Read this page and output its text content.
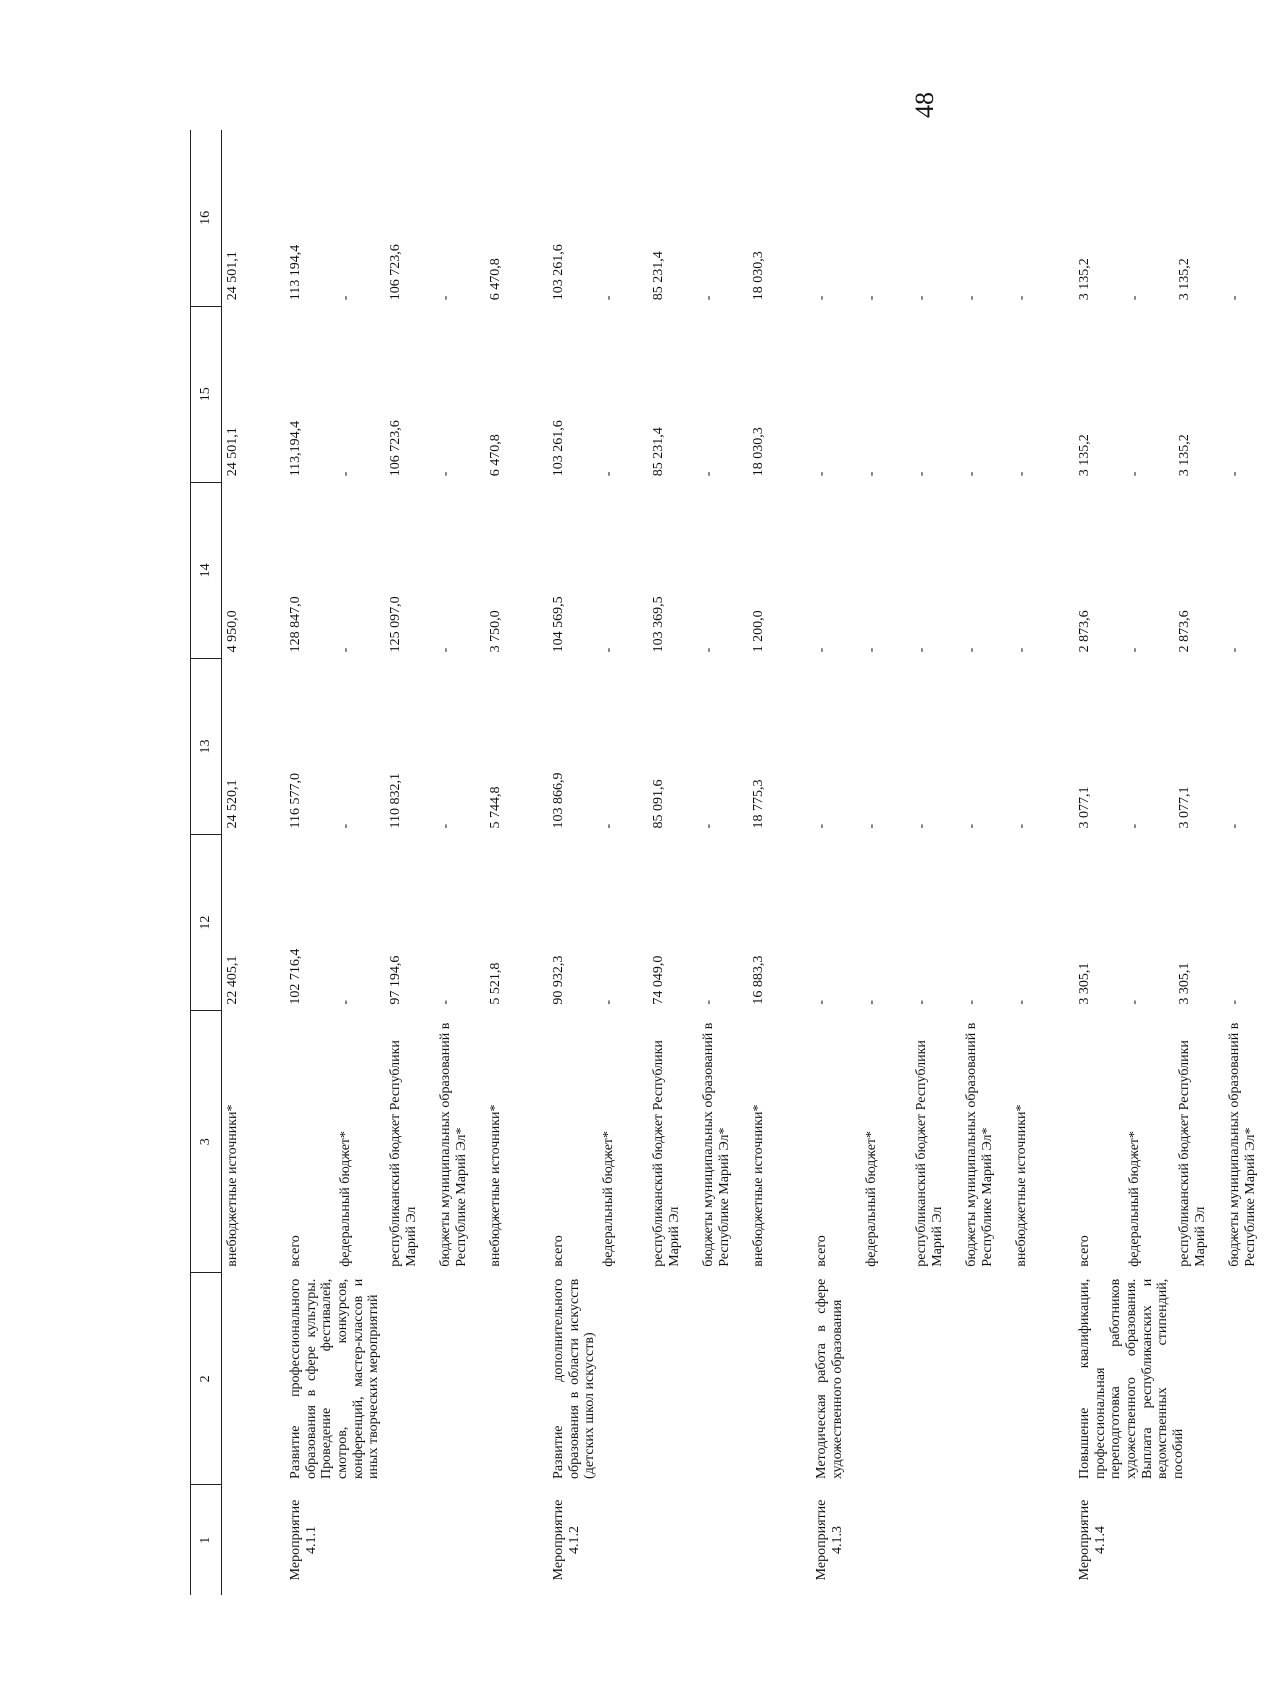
48
1	2	3	12	13	14	15	16
		внебюджетные источники*	22 405,1	24 520,1	4 950,0	24 501,1	24 501,1
Мероприятие 4.1.1	Развитие профессионального образования в сфере культуры. Проведение фестивалей, смотров, конкурсов, конференций, мастер-классов и иных творческих мероприятий	всего	102 716,4	116 577,0	128 847,0	113,194,4	113 194,4
		федеральный бюджет*	-	-	-	-	-
		республиканский бюджет Республики Марий Эл	97 194,6	110 832,1	125 097,0	106 723,6	106 723,6
		бюджеты муниципальных образований в Республике Марий Эл*	-	-	-	-	-
		внебюджетные источники*	5 521,8	5 744,8	3 750,0	6 470,8	6 470,8
Мероприятие 4.1.2	Развитие дополнительного образования в области искусств (детских школ искусств)	всего	90 932,3	103 866,9	104 569,5	103 261,6	103 261,6
		федеральный бюджет*	-	-	-	-	-
		республиканский бюджет Республики Марий Эл	74 049,0	85 091,6	103 369,5	85 231,4	85 231,4
		бюджеты муниципальных образований в Республике Марий Эл*	-	-	-	-	-
		внебюджетные источники*	16 883,3	18 775,3	1 200,0	18 030,3	18 030,3
Мероприятие 4.1.3	Методическая работа в сфере художественного образования	всего	-	-	-	-	-
		федеральный бюджет*	-	-	-	-	-
		республиканский бюджет Республики Марий Эл	-	-	-	-	-
		бюджеты муниципальных образований в Республике Марий Эл*	-	-	-	-	-
		внебюджетные источники*	-	-	-	-	-
Мероприятие 4.1.4	Повышение квалификации, профессиональная переподготовка работников художественного образования. Выплата республиканских и ведомственных стипендий, пособий	всего	3 305,1	3 077,1	2 873,6	3 135,2	3 135,2
		федеральный бюджет*	-	-	-	-	-
		республиканский бюджет Республики Марий Эл	3 305,1	3 077,1	2 873,6	3 135,2	3 135,2
		бюджеты муниципальных образований в Республике Марий Эл*	-	-	-	-	-
